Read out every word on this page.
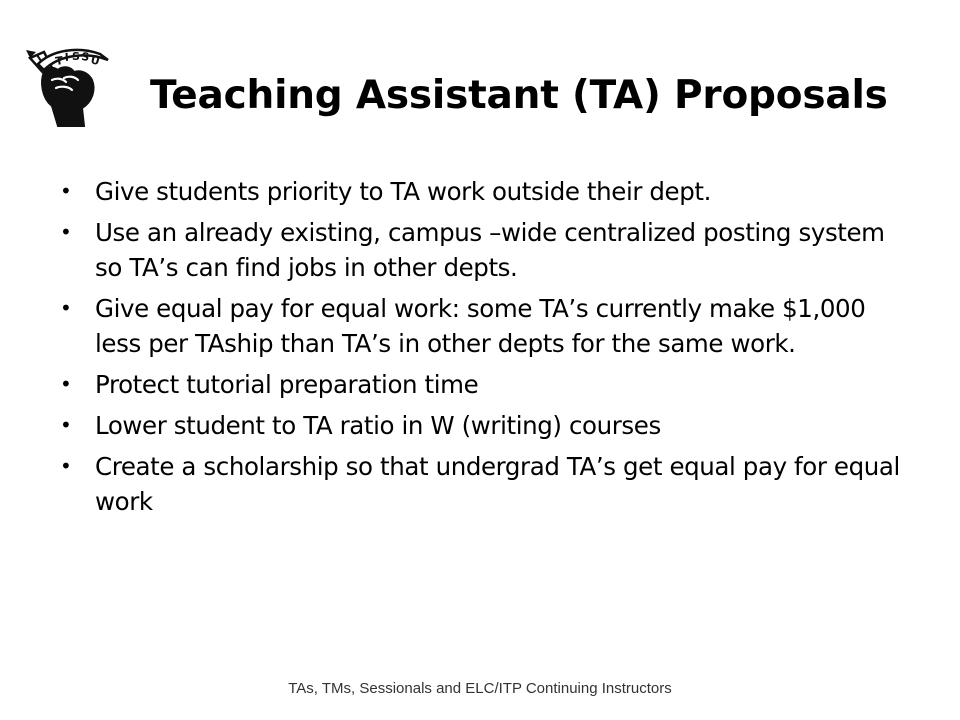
T I S S U
Teaching Assistant (TA) Proposals
• Give students priority to TA work outside their dept.
• Use an already existing, campus –wide centralized posting system so TA’s can find jobs in other depts.
• Give equal pay for equal work: some TA’s currently make $1,000 less per TAship than TA’s in other depts for the same work.
• Protect tutorial preparation time
• Lower student to TA ratio in W (writing) courses
• Create a scholarship so that undergrad TA’s get equal pay for equal work
TAs, TMs, Sessionals and ELC/ITP Continuing Instructors
